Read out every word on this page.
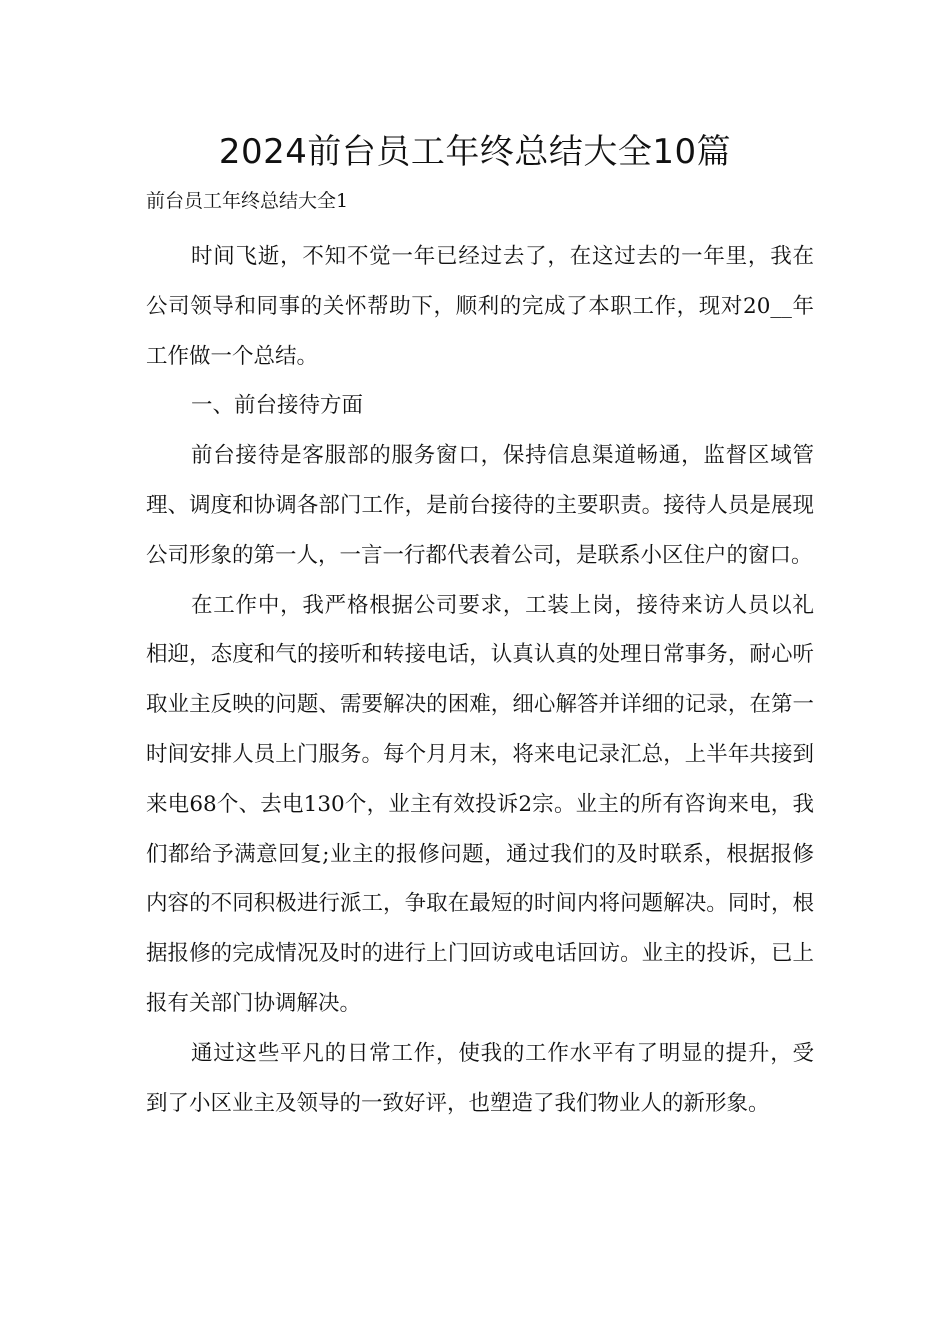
2024前台员工年终总结大全10篇

前台员工年终总结大全1

时间飞逝，不知不觉一年已经过去了，在这过去的一年里，我在公司领导和同事的关怀帮助下，顺利的完成了本职工作，现对20__年工作做一个总结。

一、前台接待方面

前台接待是客服部的服务窗口，保持信息渠道畅通，监督区域管理、调度和协调各部门工作，是前台接待的主要职责。接待人员是展现公司形象的第一人，一言一行都代表着公司，是联系小区住户的窗口。

在工作中，我严格根据公司要求，工装上岗，接待来访人员以礼相迎，态度和气的接听和转接电话，认真认真的处理日常事务，耐心听取业主反映的问题、需要解决的困难，细心解答并详细的记录，在第一时间安排人员上门服务。每个月月末，将来电记录汇总，上半年共接到来电68个、去电130个，业主有效投诉2宗。业主的所有咨询来电，我们都给予满意回复;业主的报修问题，通过我们的及时联系，根据报修内容的不同积极进行派工，争取在最短的时间内将问题解决。同时，根据报修的完成情况及时的进行上门回访或电话回访。业主的投诉，已上报有关部门协调解决。

通过这些平凡的日常工作，使我的工作水平有了明显的提升，受到了小区业主及领导的一致好评，也塑造了我们物业人的新形象。
